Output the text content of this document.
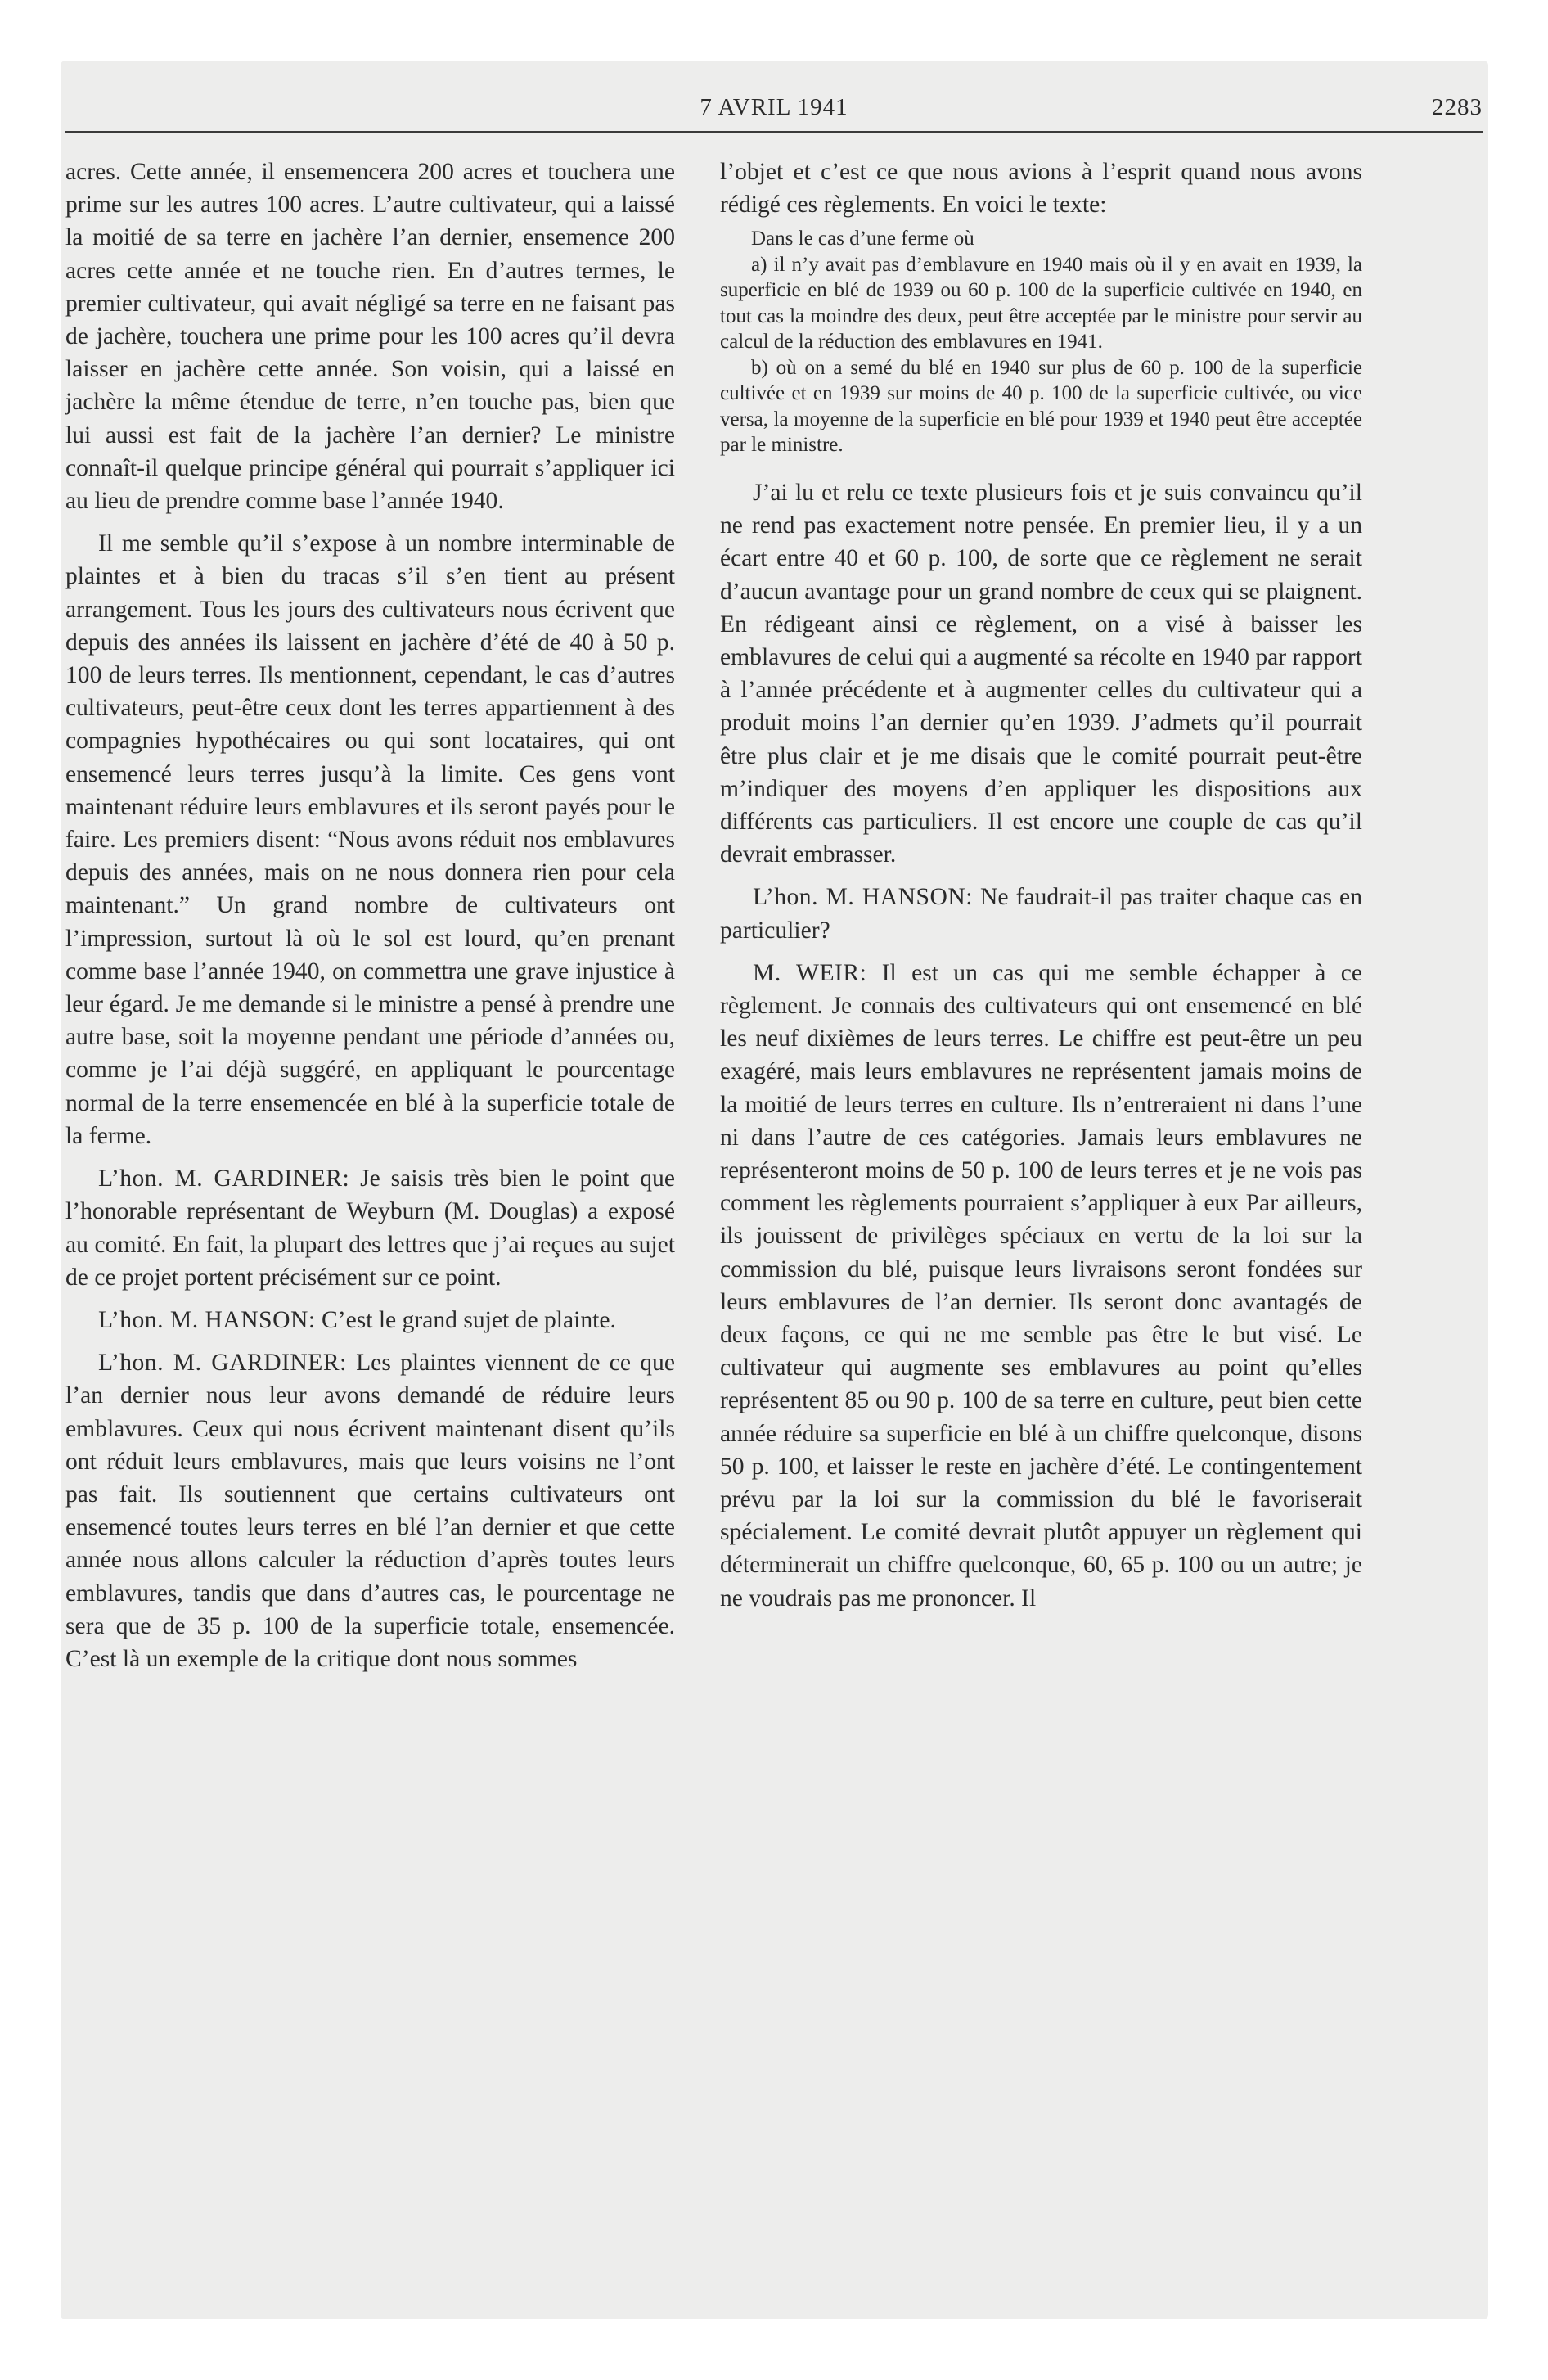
7 AVRIL 1941	2283

acres. Cette année, il ensemencera 200 acres et touchera une prime sur les autres 100 acres. L’autre cultivateur, qui a laissé la moitié de sa terre en jachère l’an dernier, ensemence 200 acres cette année et ne touche rien. En d’autres termes, le premier cultivateur, qui avait négligé sa terre en ne faisant pas de jachère, touchera une prime pour les 100 acres qu’il devra laisser en jachère cette année. Son voisin, qui a laissé en jachère la même étendue de terre, n’en touche pas, bien que lui aussi est fait de la jachère l’an dernier? Le ministre connaît-il quelque principe général qui pourrait s’appliquer ici au lieu de prendre comme base l’année 1940.

Il me semble qu’il s’expose à un nombre interminable de plaintes et à bien du tracas s’il s’en tient au présent arrangement. Tous les jours des cultivateurs nous écrivent que depuis des années ils laissent en jachère d’été de 40 à 50 p. 100 de leurs terres. Ils mentionnent, cependant, le cas d’autres cultivateurs, peut-être ceux dont les terres appartiennent à des compagnies hypothécaires ou qui sont locataires, qui ont ensemencé leurs terres jusqu’à la limite. Ces gens vont maintenant réduire leurs emblavures et ils seront payés pour le faire. Les premiers disent: “Nous avons réduit nos emblavures depuis des années, mais on ne nous donnera rien pour cela maintenant.” Un grand nombre de cultivateurs ont l’impression, surtout là où le sol est lourd, qu’en prenant comme base l’année 1940, on commettra une grave injustice à leur égard. Je me demande si le ministre a pensé à prendre une autre base, soit la moyenne pendant une période d’années ou, comme je l’ai déjà suggéré, en appliquant le pourcentage normal de la terre ensemencée en blé à la superficie totale de la ferme.

L’hon. M. GARDINER: Je saisis très bien le point que l’honorable représentant de Weyburn (M. Douglas) a exposé au comité. En fait, la plupart des lettres que j’ai reçues au sujet de ce projet portent précisément sur ce point.

L’hon. M. HANSON: C’est le grand sujet de plainte.

L’hon. M. GARDINER: Les plaintes viennent de ce que l’an dernier nous leur avons demandé de réduire leurs emblavures. Ceux qui nous écrivent maintenant disent qu’ils ont réduit leurs emblavures, mais que leurs voisins ne l’ont pas fait. Ils soutiennent que certains cultivateurs ont ensemencé toutes leurs terres en blé l’an dernier et que cette année nous allons calculer la réduction d’après toutes leurs emblavures, tandis que dans d’autres cas, le pourcentage ne sera que de 35 p. 100 de la superficie totale, ensemencée. C’est là un exemple de la critique dont nous sommes

l’objet et c’est ce que nous avions à l’esprit quand nous avons rédigé ces règlements. En voici le texte:

Dans le cas d’une ferme où

a) il n’y avait pas d’emblavure en 1940 mais où il y en avait en 1939, la superficie en blé de 1939 ou 60 p. 100 de la superficie cultivée en 1940, en tout cas la moindre des deux, peut être acceptée par le ministre pour servir au calcul de la réduction des emblavures en 1941.

b) où on a semé du blé en 1940 sur plus de 60 p. 100 de la superficie cultivée et en 1939 sur moins de 40 p. 100 de la superficie cultivée, ou vice versa, la moyenne de la superficie en blé pour 1939 et 1940 peut être acceptée par le ministre.

J’ai lu et relu ce texte plusieurs fois et je suis convaincu qu’il ne rend pas exactement notre pensée. En premier lieu, il y a un écart entre 40 et 60 p. 100, de sorte que ce règlement ne serait d’aucun avantage pour un grand nombre de ceux qui se plaignent. En rédigeant ainsi ce règlement, on a visé à baisser les emblavures de celui qui a augmenté sa récolte en 1940 par rapport à l’année précédente et à augmenter celles du cultivateur qui a produit moins l’an dernier qu’en 1939. J’admets qu’il pourrait être plus clair et je me disais que le comité pourrait peut-être m’indiquer des moyens d’en appliquer les dispositions aux différents cas particuliers. Il est encore une couple de cas qu’il devrait embrasser.

L’hon. M. HANSON: Ne faudrait-il pas traiter chaque cas en particulier?

M. WEIR: Il est un cas qui me semble échapper à ce règlement. Je connais des cultivateurs qui ont ensemencé en blé les neuf dixièmes de leurs terres. Le chiffre est peut-être un peu exagéré, mais leurs emblavures ne représentent jamais moins de la moitié de leurs terres en culture. Ils n’entreraient ni dans l’une ni dans l’autre de ces catégories. Jamais leurs emblavures ne représenteront moins de 50 p. 100 de leurs terres et je ne vois pas comment les règlements pourraient s’appliquer à eux Par ailleurs, ils jouissent de privilèges spéciaux en vertu de la loi sur la commission du blé, puisque leurs livraisons seront fondées sur leurs emblavures de l’an dernier. Ils seront donc avantagés de deux façons, ce qui ne me semble pas être le but visé. Le cultivateur qui augmente ses emblavures au point qu’elles représentent 85 ou 90 p. 100 de sa terre en culture, peut bien cette année réduire sa superficie en blé à un chiffre quelconque, disons 50 p. 100, et laisser le reste en jachère d’été. Le contingentement prévu par la loi sur la commission du blé le favoriserait spécialement. Le comité devrait plutôt appuyer un règlement qui déterminerait un chiffre quelconque, 60, 65 p. 100 ou un autre; je ne voudrais pas me prononcer. Il
